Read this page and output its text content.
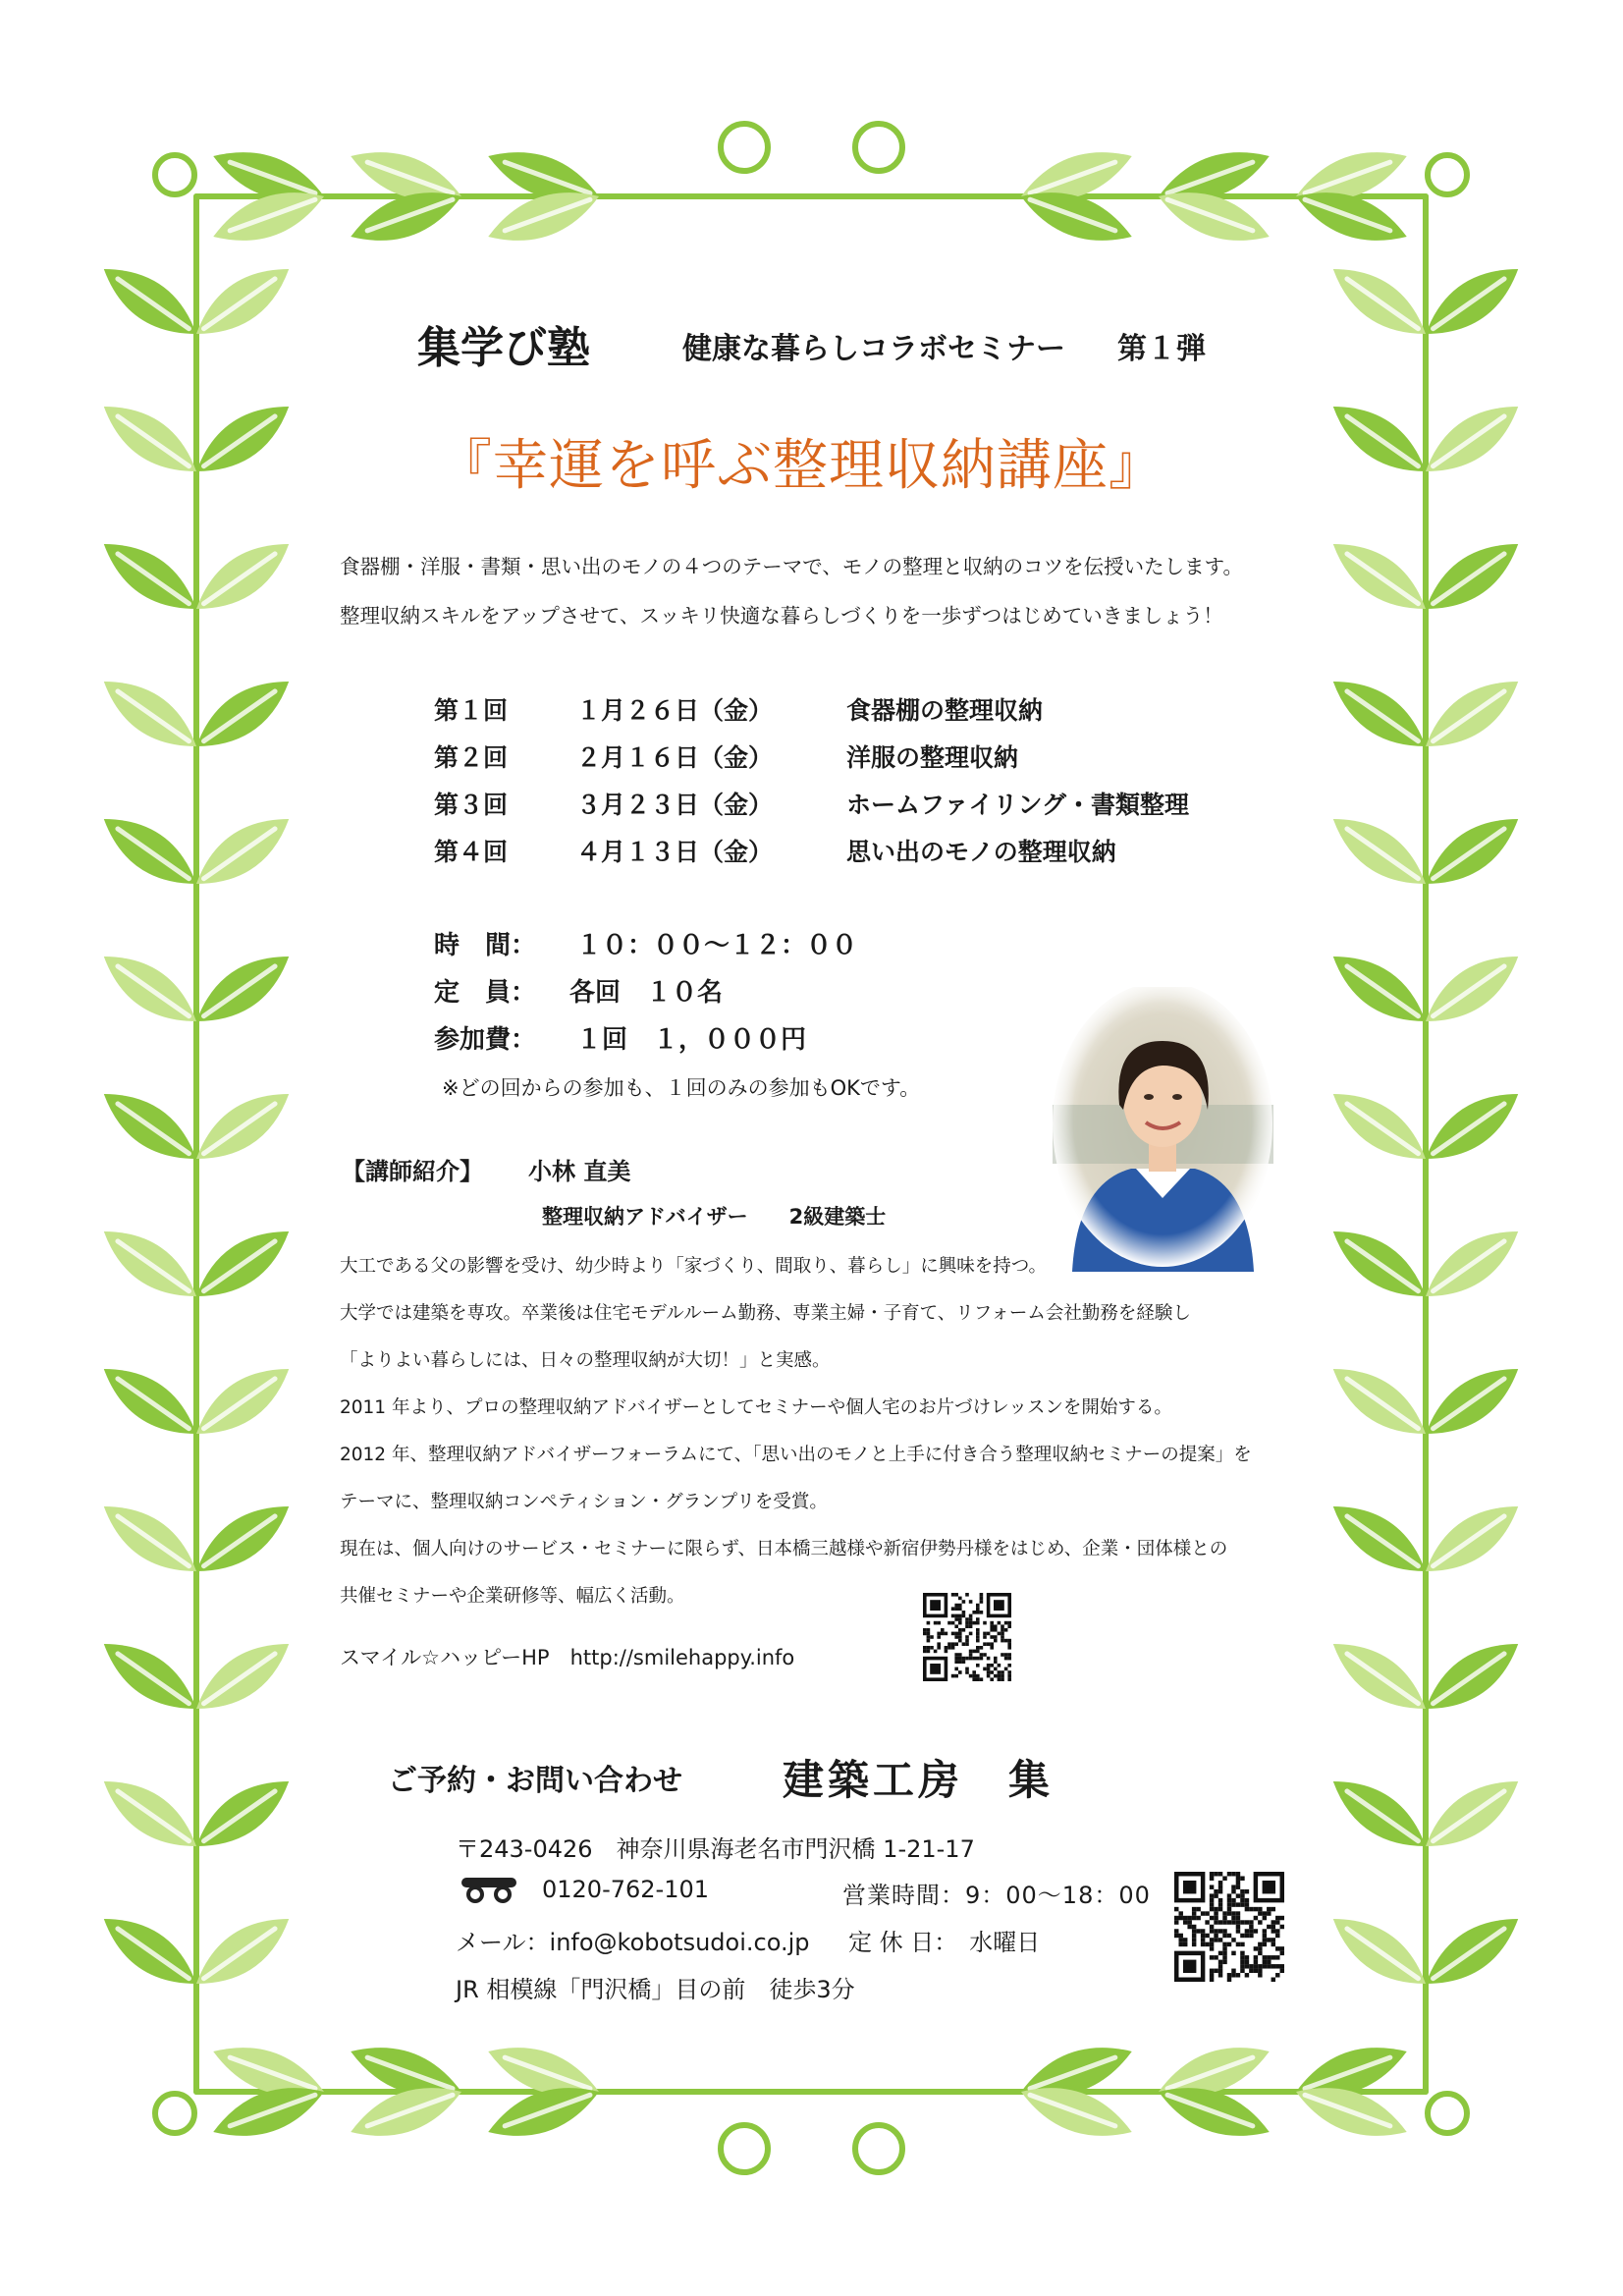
集学び塾	健康な暮らしコラボセミナー 第１弾
『幸運を呼ぶ整理収納講座』
食器棚・洋服・書類・思い出のモノの４つのテーマで、モノの整理と収納のコツを伝授いたします。
整理収納スキルをアップさせて、スッキリ快適な暮らしづくりを一歩ずつはじめていきましょう！
第１回	１月２６日（金）	食器棚の整理収納
第２回	２月１６日（金）	洋服の整理収納
第３回	３月２３日（金）	ホームファイリング・書類整理
第４回	４月１３日（金）	思い出のモノの整理収納
時　間： １０：００～１２：００
定　員： 各回　１０名
参加費： １回　１，０００円
※どの回からの参加も、１回のみの参加もOKです。
【講師紹介】 小林 直美
整理収納アドバイザー　　2級建築士
大工である父の影響を受け、幼少時より「家づくり、間取り、暮らし」に興味を持つ。
大学では建築を専攻。卒業後は住宅モデルルーム勤務、専業主婦・子育て、リフォーム会社勤務を経験し
「よりよい暮らしには、日々の整理収納が大切！」と実感。
2011 年より、プロの整理収納アドバイザーとしてセミナーや個人宅のお片づけレッスンを開始する。
2012 年、整理収納アドバイザーフォーラムにて、「思い出のモノと上手に付き合う整理収納セミナーの提案」を
テーマに、整理収納コンペティション・グランプリを受賞。
現在は、個人向けのサービス・セミナーに限らず、日本橋三越様や新宿伊勢丹様をはじめ、企業・団体様との
共催セミナーや企業研修等、幅広く活動。
スマイル☆ハッピーHP　http://smilehappy.info
ご予約・お問い合わせ 建築工房　集
〒243-0426　神奈川県海老名市門沢橋 1-21-17
0120-762-101	営業時間：9：00～18：00
メール：info@kobotsudoi.co.jp 定 休 日：　水曜日
JR 相模線「門沢橋」目の前　徒歩3分
